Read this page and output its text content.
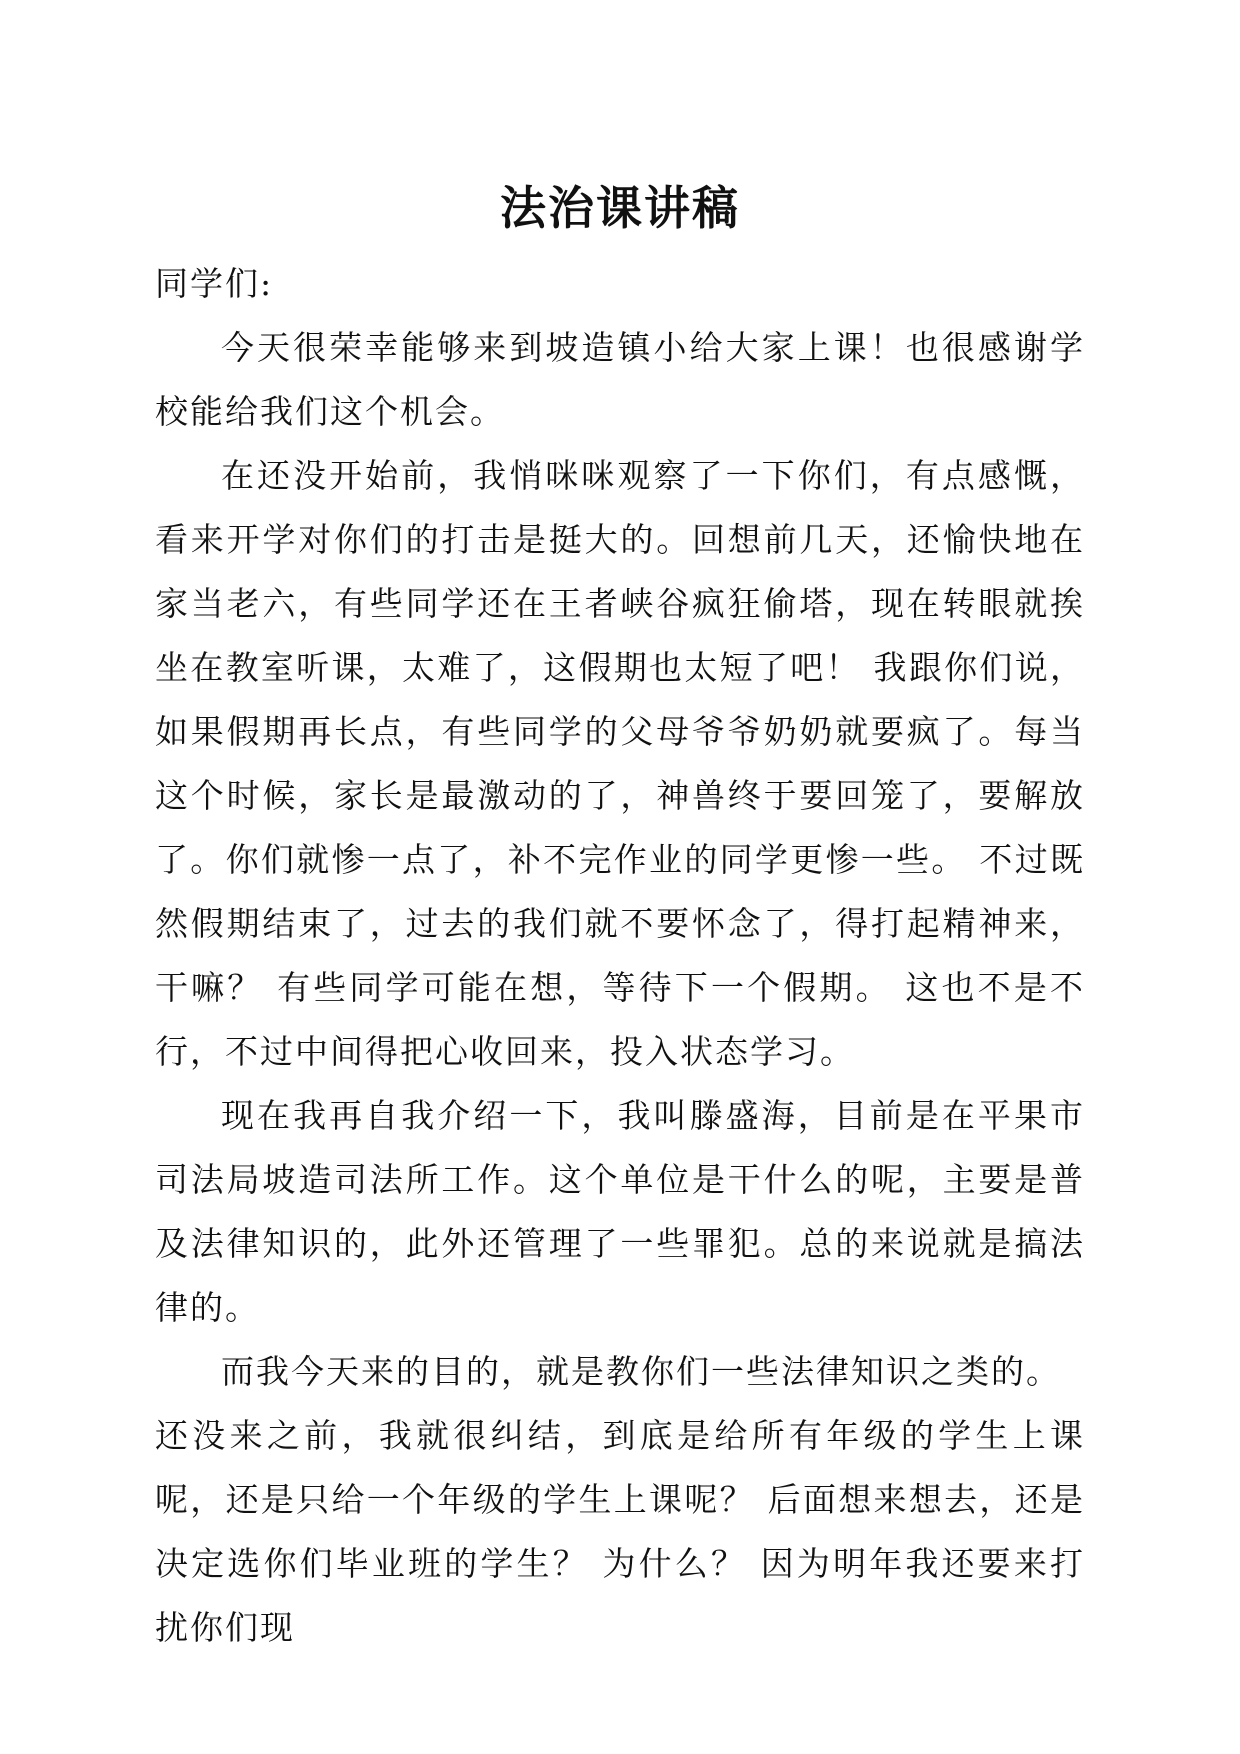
法治课讲稿

同学们:

今天很荣幸能够来到坡造镇小给大家上课！也很感谢学校能给我们这个机会。

在还没开始前，我悄咪咪观察了一下你们，有点感慨，看来开学对你们的打击是挺大的。回想前几天，还愉快地在家当老六，有些同学还在王者峡谷疯狂偷塔，现在转眼就挨坐在教室听课，太难了，这假期也太短了吧！ 我跟你们说，如果假期再长点，有些同学的父母爷爷奶奶就要疯了。每当这个时候，家长是最激动的了，神兽终于要回笼了，要解放了。你们就惨一点了，补不完作业的同学更惨一些。 不过既然假期结束了，过去的我们就不要怀念了，得打起精神来，干嘛？ 有些同学可能在想，等待下一个假期。 这也不是不行，不过中间得把心收回来，投入状态学习。

现在我再自我介绍一下，我叫滕盛海，目前是在平果市司法局坡造司法所工作。这个单位是干什么的呢，主要是普及法律知识的，此外还管理了一些罪犯。总的来说就是搞法律的。

而我今天来的目的，就是教你们一些法律知识之类的。

还没来之前，我就很纠结，到底是给所有年级的学生上课呢，还是只给一个年级的学生上课呢？ 后面想来想去，还是决定选你们毕业班的学生？ 为什么？ 因为明年我还要来打扰你们现
